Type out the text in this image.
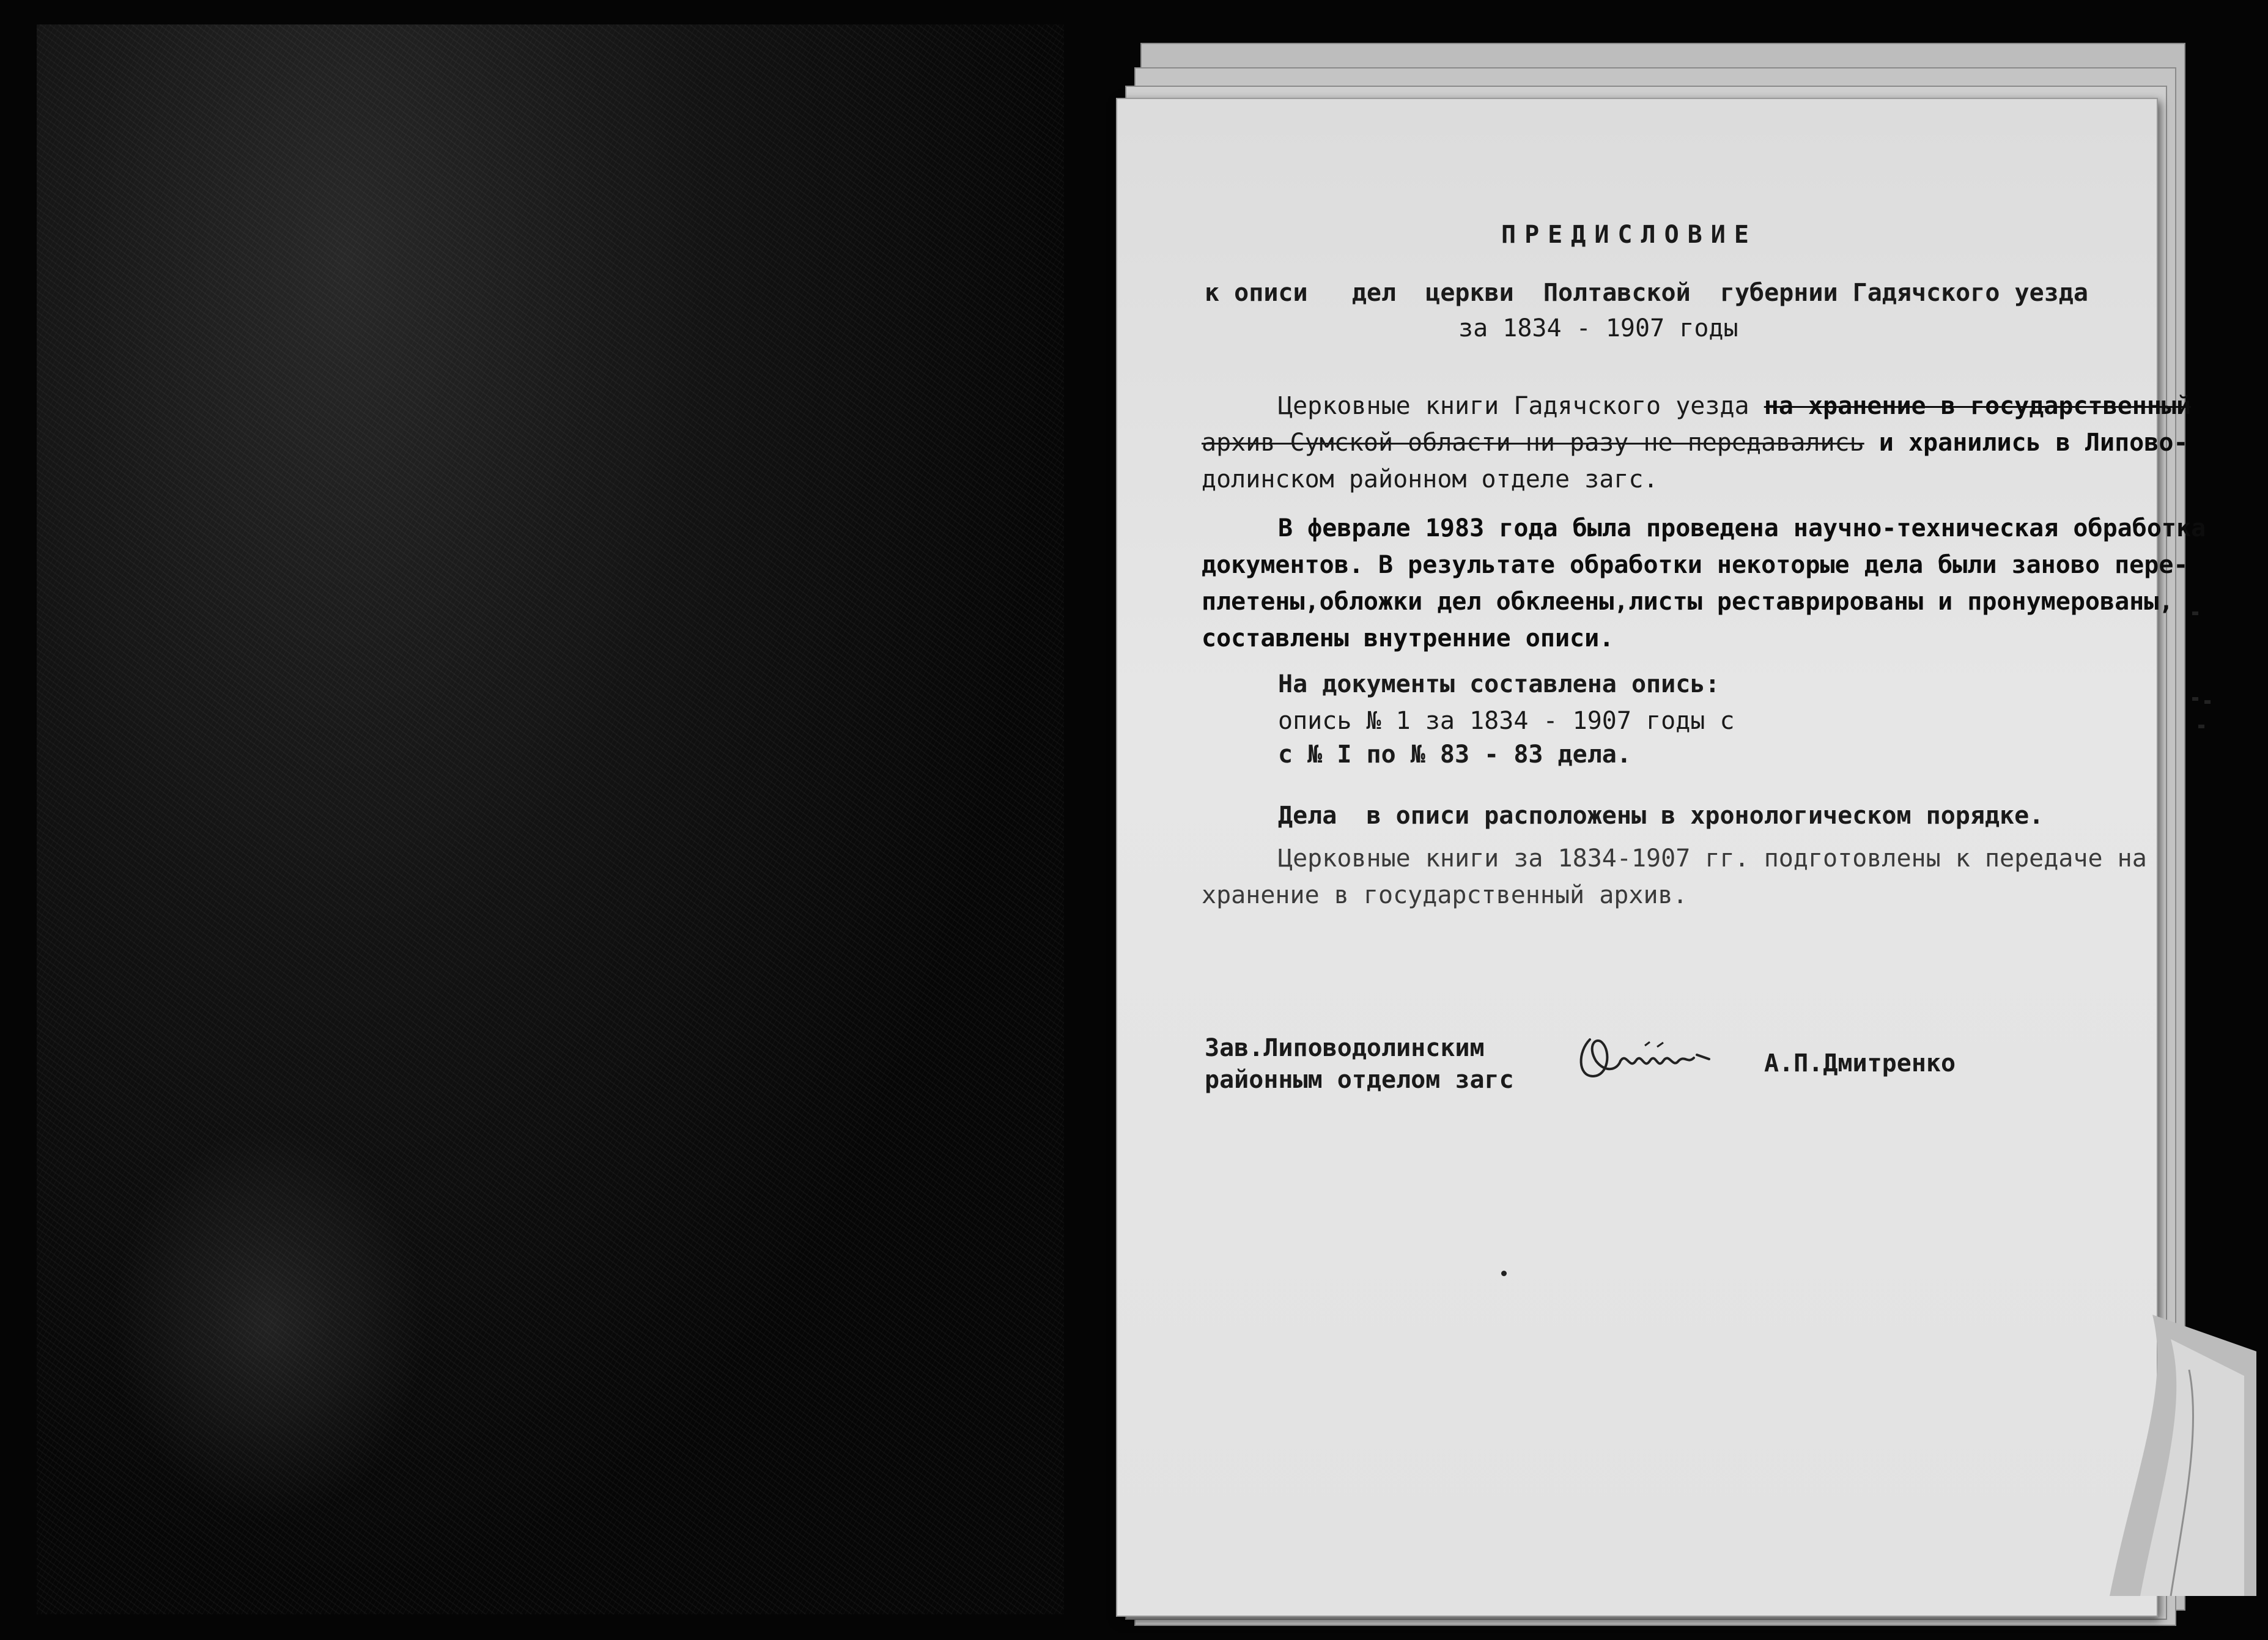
ПРЕДИСЛОВИЕ
к описи   дел  церкви  Полтавской  губернии Гадячского уезда
за 1834 - 1907 годы
Церковные книги Гадячского уезда на хранение в государственный
архив Сумской области ни разу не передавались и хранились в Липово-
долинском районном отделе загс.
В феврале 1983 года была проведена научно-техническая обработка
документов. В результате обработки некоторые дела были заново пере-
плетены,обложки дел обклеены,листы реставрированы и пронумерованы,
составлены внутренние описи.
На документы составлена опись:
опись № 1 за 1834 - 1907 годы с
с № I по № 83 - 83 дела.
Дела  в описи расположены в хронологическом порядке.
Церковные книги за 1834-1907 гг. подготовлены к передаче на
хранение в государственный архив.
Зав.Липоводолинским
районным отделом загс
А.П.Дмитренко
